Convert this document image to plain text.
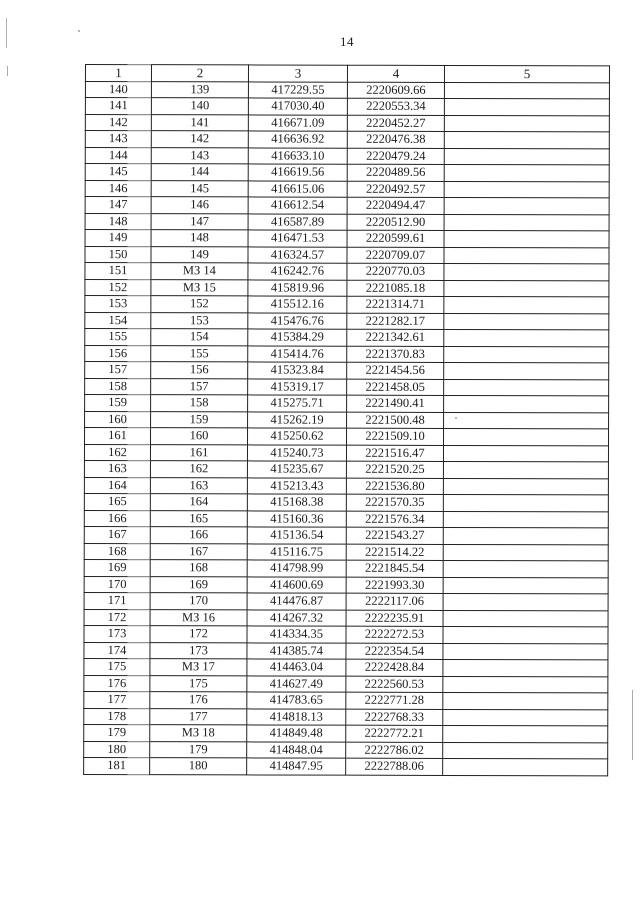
14
1	2	3	4	5
140	139	417229.55	2220609.66	
141	140	417030.40	2220553.34	
142	141	416671.09	2220452.27	
143	142	416636.92	2220476.38	
144	143	416633.10	2220479.24	
145	144	416619.56	2220489.56	
146	145	416615.06	2220492.57	
147	146	416612.54	2220494.47	
148	147	416587.89	2220512.90	
149	148	416471.53	2220599.61	
150	149	416324.57	2220709.07	
151	МЗ 14	416242.76	2220770.03	
152	МЗ 15	415819.96	2221085.18	
153	152	415512.16	2221314.71	
154	153	415476.76	2221282.17	
155	154	415384.29	2221342.61	
156	155	415414.76	2221370.83	
157	156	415323.84	2221454.56	
158	157	415319.17	2221458.05	
159	158	415275.71	2221490.41	
160	159	415262.19	2221500.48	
161	160	415250.62	2221509.10	
162	161	415240.73	2221516.47	
163	162	415235.67	2221520.25	
164	163	415213.43	2221536.80	
165	164	415168.38	2221570.35	
166	165	415160.36	2221576.34	
167	166	415136.54	2221543.27	
168	167	415116.75	2221514.22	
169	168	414798.99	2221845.54	
170	169	414600.69	2221993.30	
171	170	414476.87	2222117.06	
172	МЗ 16	414267.32	2222235.91	
173	172	414334.35	2222272.53	
174	173	414385.74	2222354.54	
175	МЗ 17	414463.04	2222428.84	
176	175	414627.49	2222560.53	
177	176	414783.65	2222771.28	
178	177	414818.13	2222768.33	
179	МЗ 18	414849.48	2222772.21	
180	179	414848.04	2222786.02	
181	180	414847.95	2222788.06	
